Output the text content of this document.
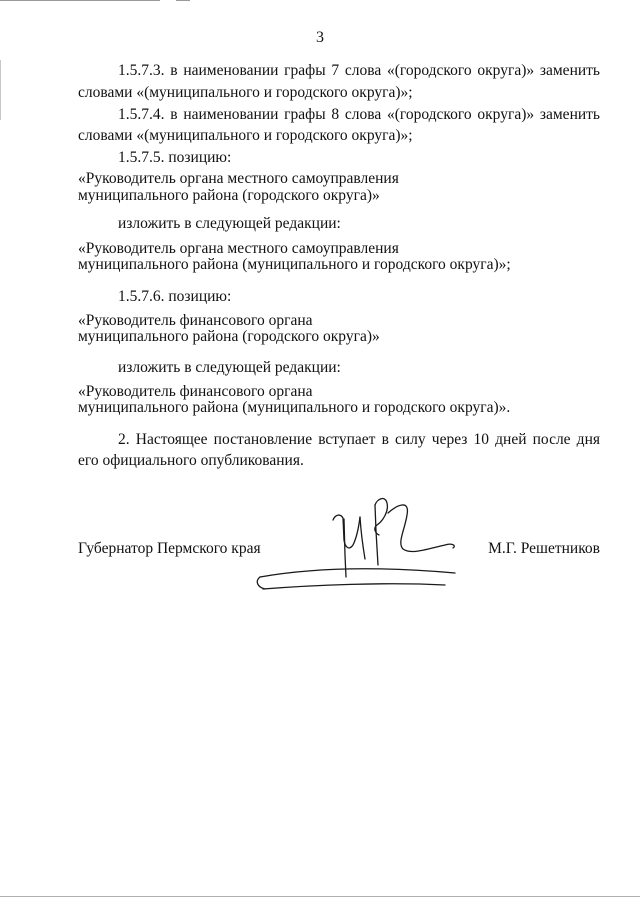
3
1.5.7.3. в наименовании графы 7 слова «(городского округа)» заменить
словами «(муниципального и городского округа)»;
1.5.7.4. в наименовании графы 8 слова «(городского округа)» заменить
словами «(муниципального и городского округа)»;
1.5.7.5. позицию:
«Руководитель органа местного самоуправления
муниципального района (городского округа)»
изложить в следующей редакции:
«Руководитель органа местного самоуправления
муниципального района (муниципального и городского округа)»;
1.5.7.6. позицию:
«Руководитель финансового органа
муниципального района (городского округа)»
изложить в следующей редакции:
«Руководитель финансового органа
муниципального района (муниципального и городского округа)».
2. Настоящее постановление вступает в силу через 10 дней после дня
его официального опубликования.
Губернатор Пермского края	М.Г. Решетников
